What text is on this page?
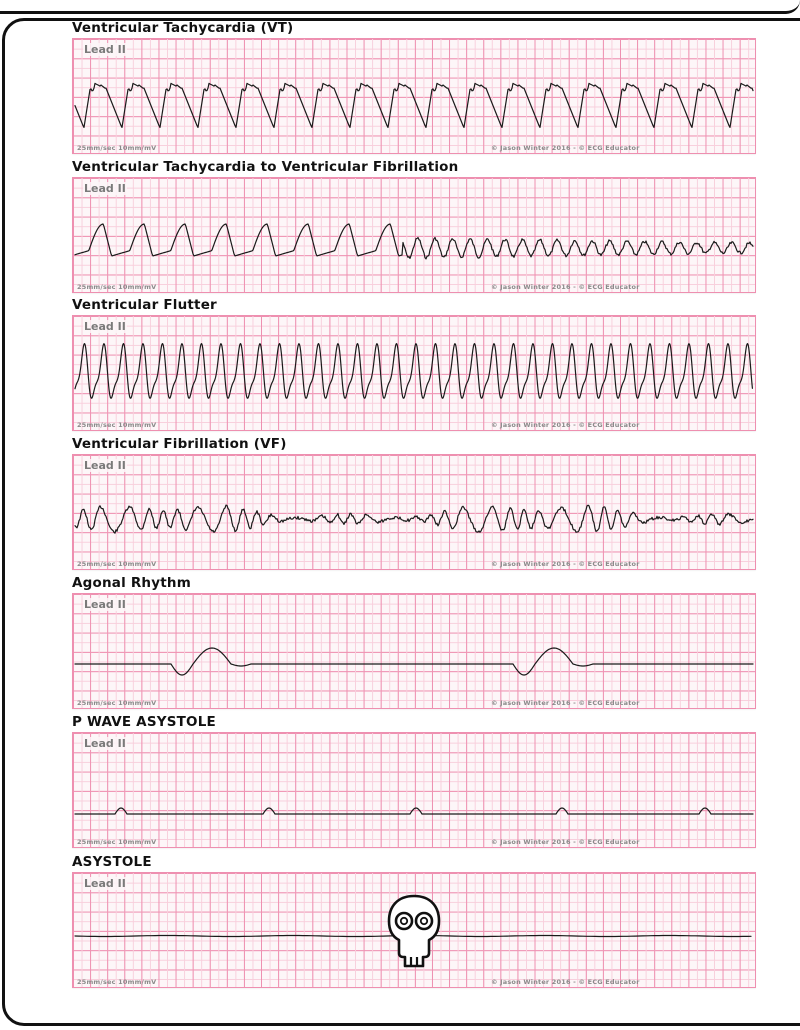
Ventricular Tachycardia (VT)
Lead II
25mm/sec 10mm/mV	© Jason Winter 2016 - © ECG Educator
Ventricular Tachycardia to Ventricular Fibrillation
Lead II
25mm/sec 10mm/mV	© Jason Winter 2016 - © ECG Educator
Ventricular Flutter
Lead II
25mm/sec 10mm/mV	© Jason Winter 2016 - © ECG Educator
Ventricular Fibrillation (VF)
Lead II
25mm/sec 10mm/mV	© Jason Winter 2016 - © ECG Educator
Agonal Rhythm
Lead II
25mm/sec 10mm/mV	© Jason Winter 2016 - © ECG Educator
P WAVE ASYSTOLE
Lead II
25mm/sec 10mm/mV	© Jason Winter 2016 - © ECG Educator
ASYSTOLE
Lead II
25mm/sec 10mm/mV	© Jason Winter 2016 - © ECG Educator
